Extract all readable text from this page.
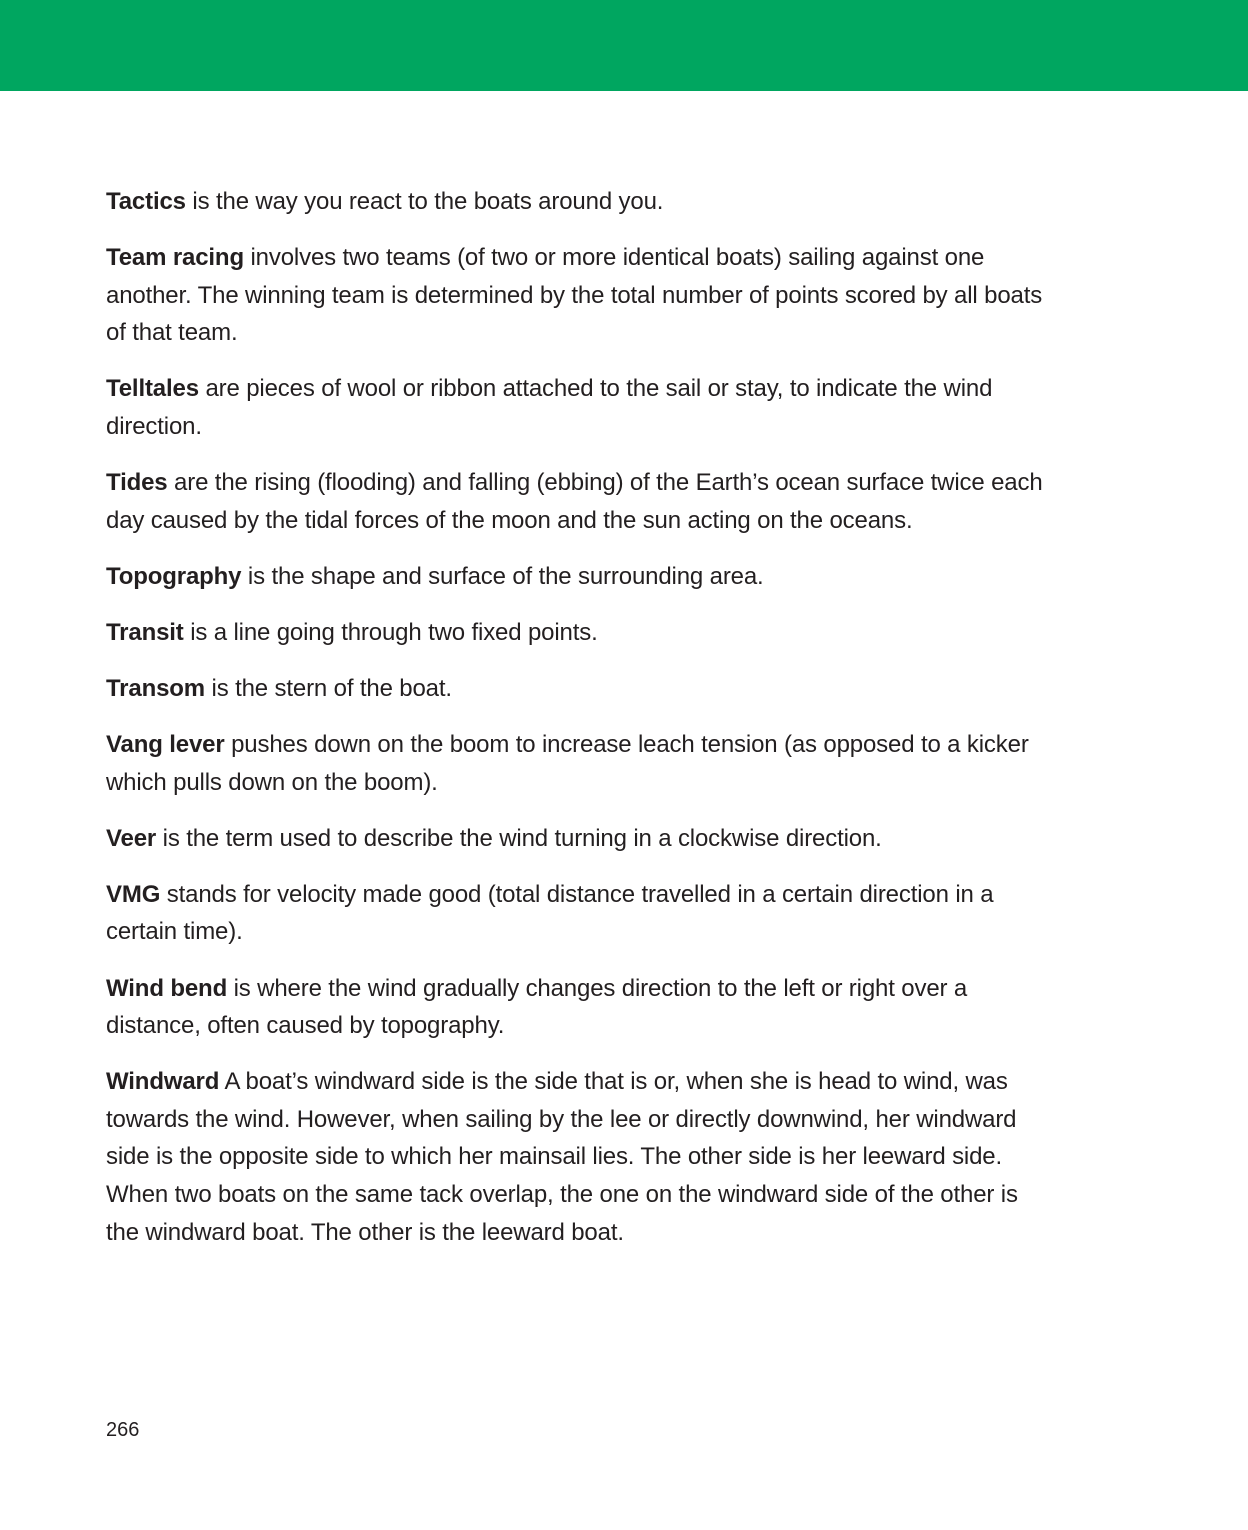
Tactics is the way you react to the boats around you.

Team racing involves two teams (of two or more identical boats) sailing against one another. The winning team is determined by the total number of points scored by all boats of that team.

Telltales are pieces of wool or ribbon attached to the sail or stay, to indicate the wind direction.

Tides are the rising (flooding) and falling (ebbing) of the Earth’s ocean surface twice each day caused by the tidal forces of the moon and the sun acting on the oceans.

Topography is the shape and surface of the surrounding area.

Transit is a line going through two fixed points.

Transom is the stern of the boat.

Vang lever pushes down on the boom to increase leach tension (as opposed to a kicker which pulls down on the boom).

Veer is the term used to describe the wind turning in a clockwise direction.

VMG stands for velocity made good (total distance travelled in a certain direction in a certain time).

Wind bend is where the wind gradually changes direction to the left or right over a distance, often caused by topography.

Windward A boat’s windward side is the side that is or, when she is head to wind, was towards the wind. However, when sailing by the lee or directly downwind, her windward side is the opposite side to which her mainsail lies. The other side is her leeward side. When two boats on the same tack overlap, the one on the windward side of the other is the windward boat. The other is the leeward boat.

266
